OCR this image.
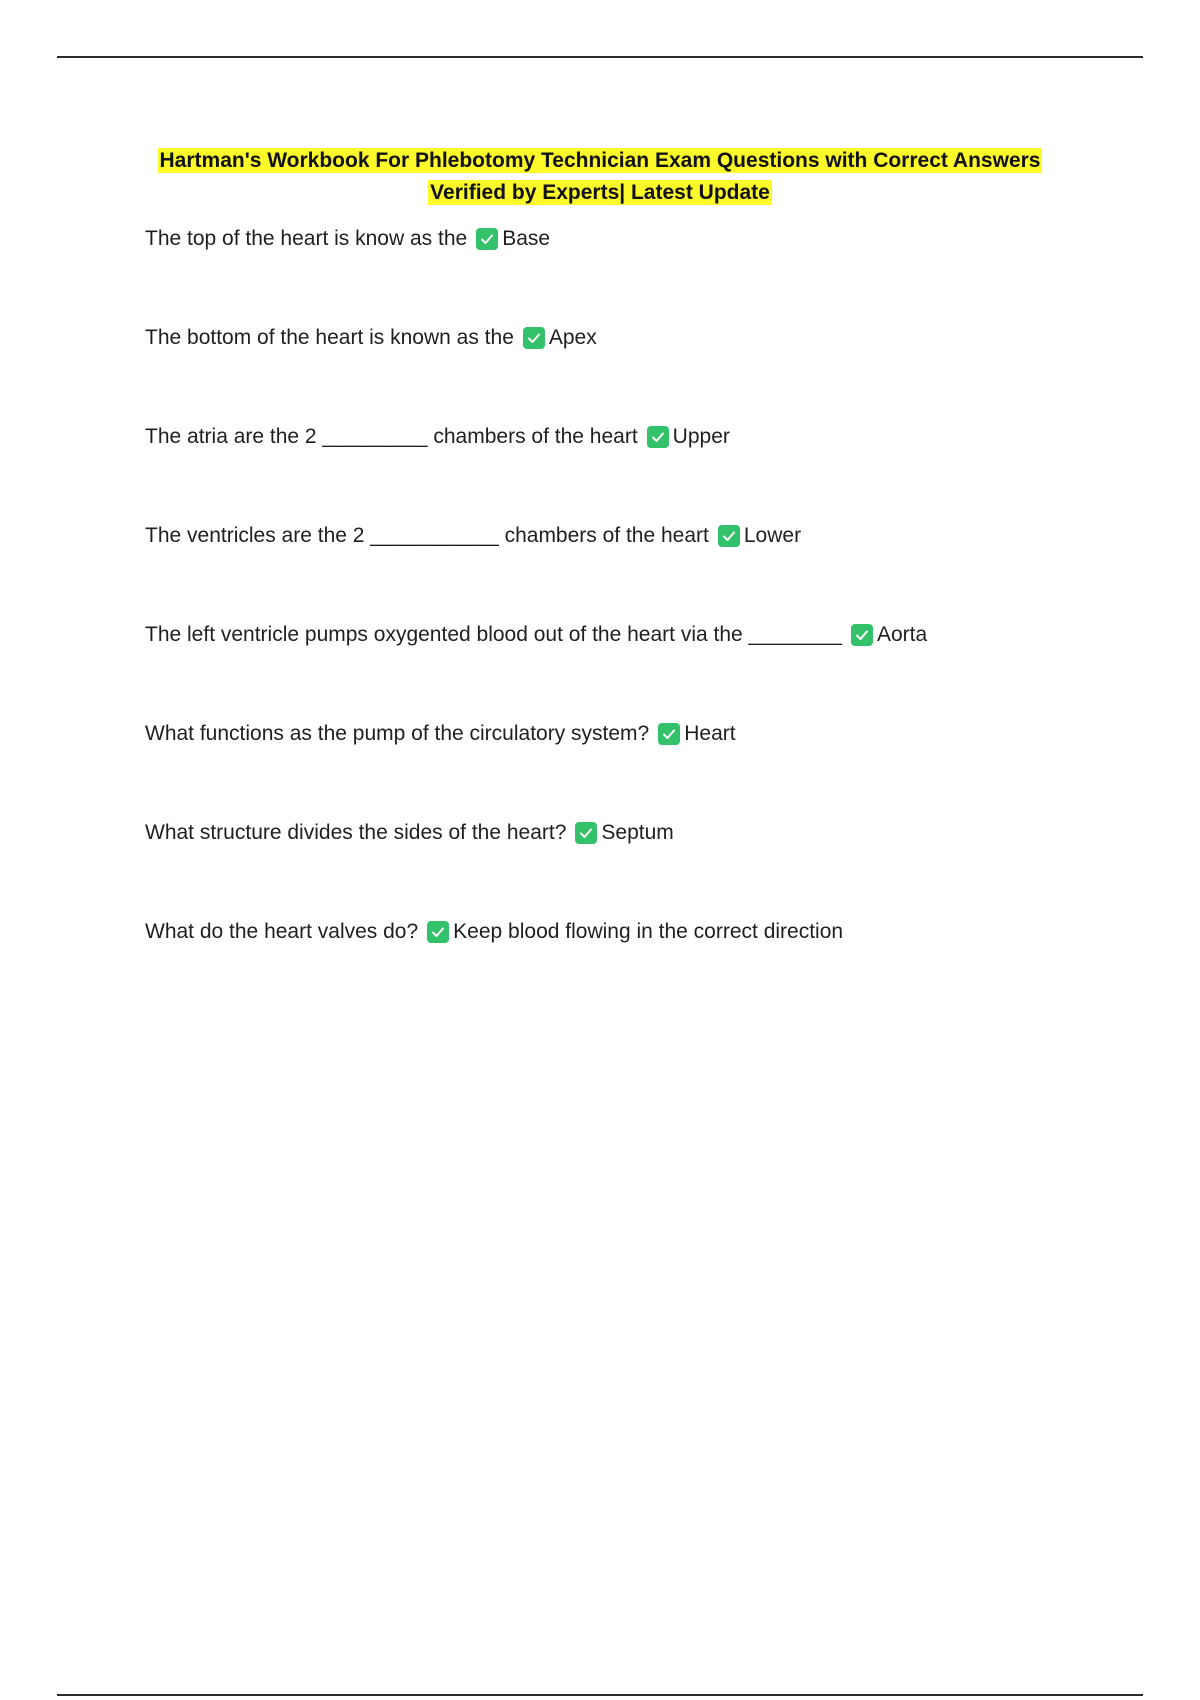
Hartman's Workbook For Phlebotomy Technician Exam Questions with Correct Answers
Verified by Experts| Latest Update
The top of the heart is know as the Base
The bottom of the heart is known as the Apex
The atria are the 2 _________ chambers of the heart Upper
The ventricles are the 2 ___________ chambers of the heart Lower
The left ventricle pumps oxygented blood out of the heart via the ________ Aorta
What functions as the pump of the circulatory system? Heart
What structure divides the sides of the heart? Septum
What do the heart valves do? Keep blood flowing in the correct direction
